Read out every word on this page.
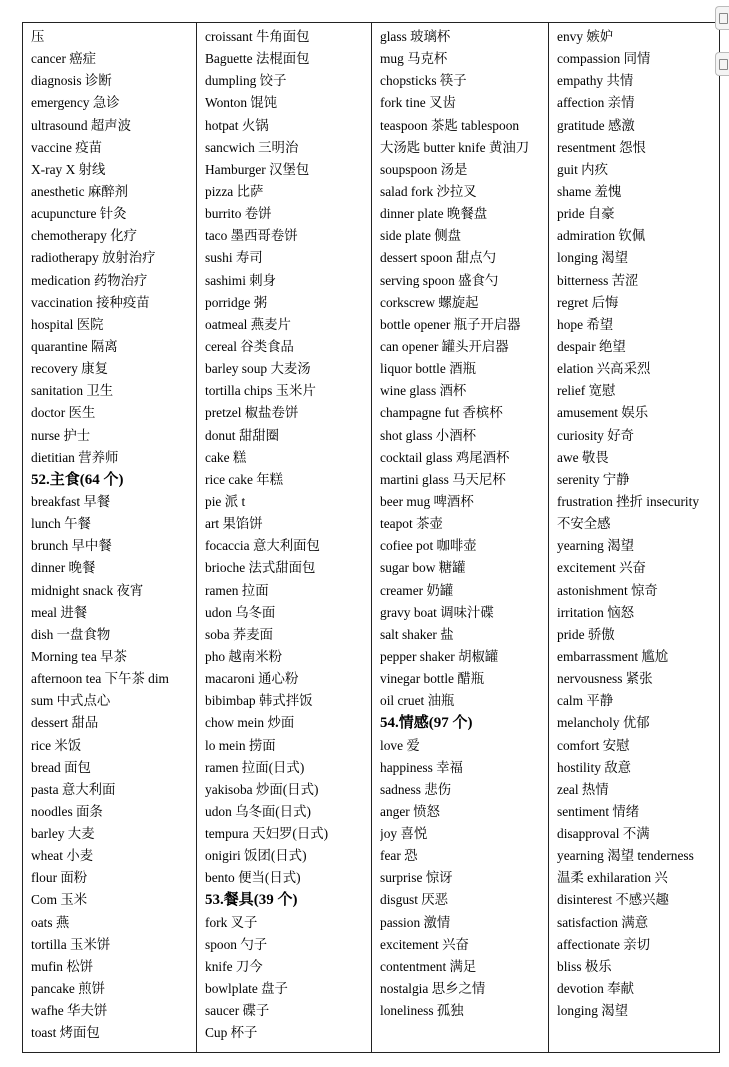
压
cancer 癌症
diagnosis 诊断
emergency 急诊
ultrasound 超声波
vaccine 疫苗
X-ray X 射线
anesthetic 麻醉剂
acupuncture 针灸
chemotherapy 化疗
radiotherapy 放射治疗
medication 药物治疗
vaccination 接种疫苗
hospital 医院
quarantine 隔离
recovery 康复
sanitation 卫生
doctor 医生
nurse 护士
dietitian 营养师
52.主食(64 个)
breakfast 早餐
lunch 午餐
brunch 早中餐
dinner 晚餐
midnight snack 夜宵
meal 进餐
dish 一盘食物
Morning tea 早茶
afternoon tea 下午茶 dim
sum 中式点心
dessert 甜品
rice 米饭
bread 面包
pasta 意大利面
noodles 面条
barley 大麦
wheat 小麦
flour 面粉
Com 玉米
oats 燕
tortilla 玉米饼
mufin 松饼
pancake 煎饼
wafhe 华夫饼
toast 烤面包
croissant 牛角面包
Baguette 法棍面包
dumpling 饺子
Wonton 馄饨
hotpat 火锅
sancwich 三明治
Hamburger 汉堡包
pizza 比萨
burrito 卷饼
taco 墨西哥卷饼
sushi 寿司
sashimi 刺身
porridge 粥
oatmeal 燕麦片
cereal 谷类食品
barley soup 大麦汤
tortilla chips 玉米片
pretzel 椒盐卷饼
donut 甜甜圈
cake 糕
rice cake 年糕
pie 派 t
art 果馅饼
focaccia 意大利面包
brioche 法式甜面包
ramen 拉面
udon 乌冬面
soba 荞麦面
pho 越南米粉
macaroni 通心粉
bibimbap 韩式拌饭
chow mein 炒面
lo mein 捞面
ramen 拉面(日式)
yakisoba 炒面(日式)
udon 乌冬面(日式)
tempura 天妇罗(日式)
onigiri 饭团(日式)
bento 便当(日式)
53.餐具(39 个)
fork 叉子
spoon 勺子
knife 刀今
bowlplate 盘子
saucer 碟子
Cup 杯子
glass 玻璃杯
mug 马克杯
chopsticks 筷子
fork tine 叉齿
teaspoon 茶匙 tablespoon
大汤匙 butter knife 黄油刀
soupspoon 汤是
salad fork 沙拉叉
dinner plate 晚餐盘
side plate 侧盘
dessert spoon 甜点勺
serving spoon 盛食勺
corkscrew 螺旋起
bottle opener 瓶子开启器
can opener 罐头开启器
liquor bottle 酒瓶
wine glass 酒杯
champagne fut 香槟杯
shot glass 小酒杯
cocktail glass 鸡尾酒杯
martini glass 马天尼杯
beer mug 啤酒杯
teapot 茶壶
cofiee pot 咖啡壶
sugar bow 糖罐
creamer 奶罐
gravy boat 调味汁碟
salt shaker 盐
pepper shaker 胡椒罐
vinegar bottle 醋瓶
oil cruet 油瓶
54.情感(97 个)
love 爱
happiness 幸福
sadness 悲伤
anger 愤怒
joy 喜悦
fear 恐
surprise 惊讶
disgust 厌恶
passion 激情
excitement 兴奋
contentment 满足
nostalgia 思乡之情
loneliness 孤独
envy 嫉妒
compassion 同情
empathy 共情
affection 亲情
gratitude 感激
resentment 怨恨
guit 内疚
shame 羞愧
pride 自豪
admiration 钦佩
longing 渴望
bitterness 苦涩
regret 后悔
hope 希望
despair 绝望
elation 兴高采烈
relief 宽慰
amusement 娱乐
curiosity 好奇
awe 敬畏
serenity 宁静
frustration 挫折 insecurity
不安全感
yearning 渴望
excitement 兴奋
astonishment 惊奇
irritation 恼怒
pride 骄傲
embarrassment 尴尬
nervousness 紧张
calm 平静
melancholy 优郁
comfort 安慰
hostility 敌意
zeal 热情
sentiment 情绪
disapproval 不满
yearning 渴望 tenderness
温柔 exhilaration 兴
disinterest 不感兴趣
satisfaction 满意
affectionate 亲切
bliss 极乐
devotion 奉献
longing 渴望
